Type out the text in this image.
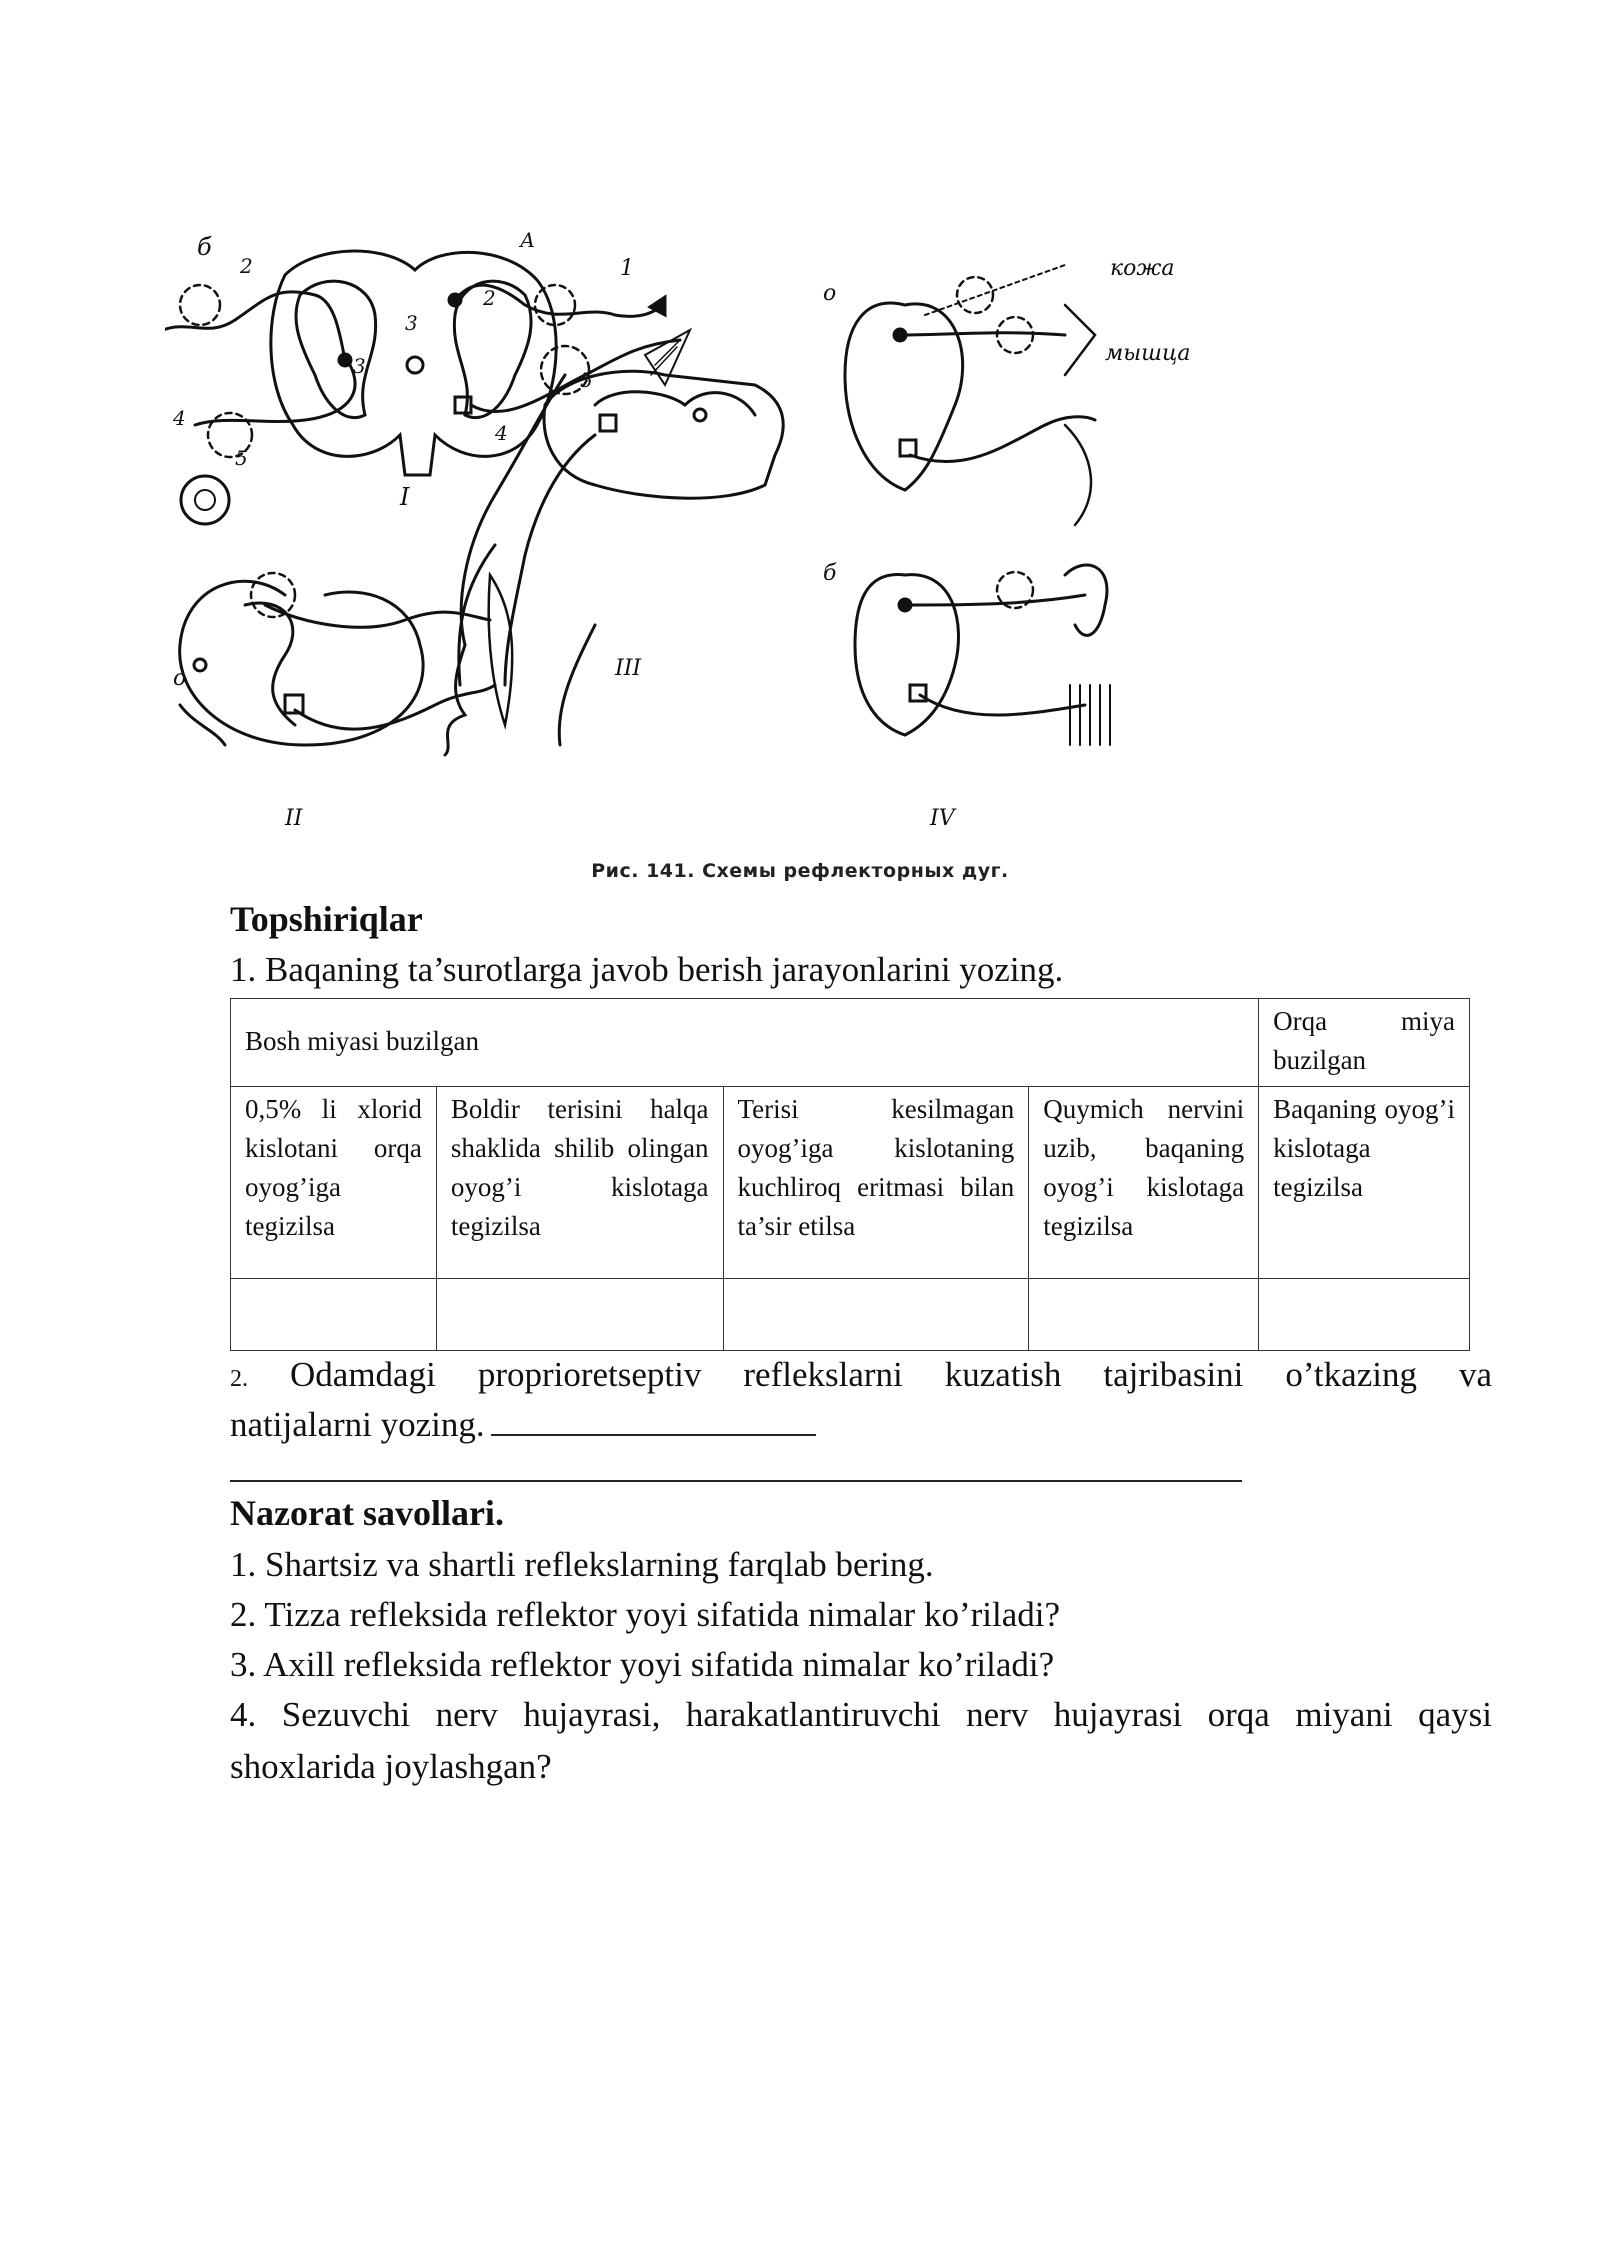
б	А
1
2
2
3
3
4
4
5
5
I
II
III
о
б
о
кожа
мышца
IV
Рис. 141. Схемы рефлекторных дуг.
Topshiriqlar

1. Baqaning ta’surotlarga javob berish jarayonlarini yozing.

Bosh miyasi buzilgan				Orqa miya
buzilgan

0,5% li xlorid kislotani orqa oyog’iga tegizilsa	Boldir terisini halqa shaklida shilib olingan oyog’i kislotaga tegizilsa	Terisi kesilmagan oyog’iga kislotaning kuchliroq eritmasi bilan ta’sir etilsa	Quymich nervini uzib, baqaning oyog’i kislotaga tegizilsa	Baqaning oyog’i kislotaga tegizilsa

2. Odamdagi proprioretseptiv reflekslarni kuzatish tajribasini o’tkazing va
natijalarni yozing.
Nazorat savollari.

1. Shartsiz va shartli reflekslarning farqlab bering.

2. Tizza refleksida reflektor yoyi sifatida nimalar ko’riladi?

3. Axill refleksida reflektor yoyi sifatida nimalar ko’riladi?

4. Sezuvchi nerv hujayrasi, harakatlantiruvchi nerv hujayrasi orqa miyani qaysi

shoxlarida joylashgan?
